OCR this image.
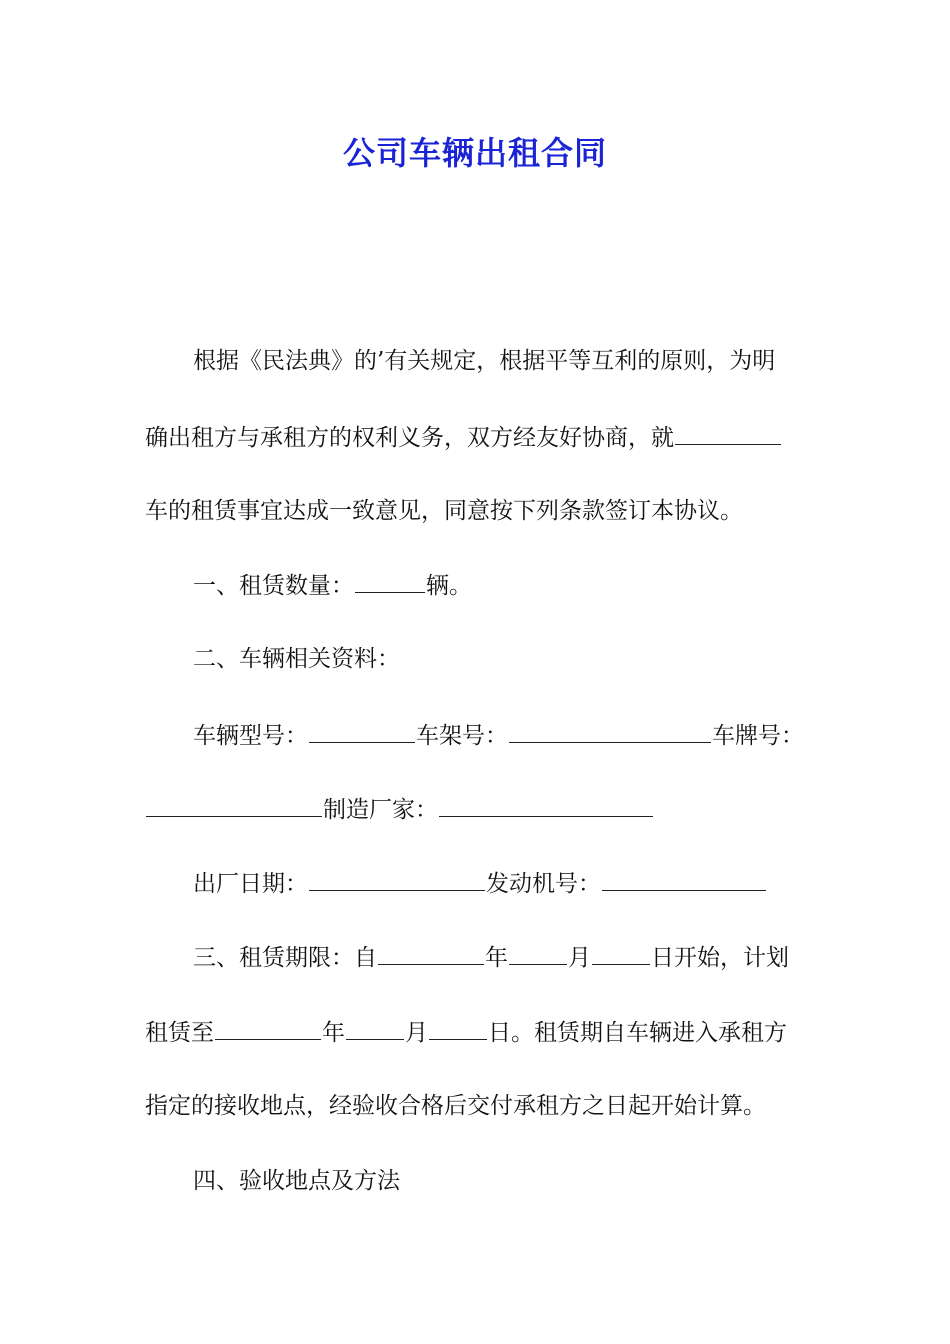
公司车辆出租合同
根据《民法典》的’有关规定，根据平等互利的原则，为明
确出租方与承租方的权利义务，双方经友好协商，就
车的租赁事宜达成一致意见，同意按下列条款签订本协议。
一、租赁数量：	辆。
二、车辆相关资料：
车辆型号：	车架号：	车牌号：
制造厂家：
出厂日期：	发动机号：
三、租赁期限：自	年	月	日开始，计划
租赁至	年	月	日。租赁期自车辆进入承租方
指定的接收地点，经验收合格后交付承租方之日起开始计算。
四、验收地点及方法
